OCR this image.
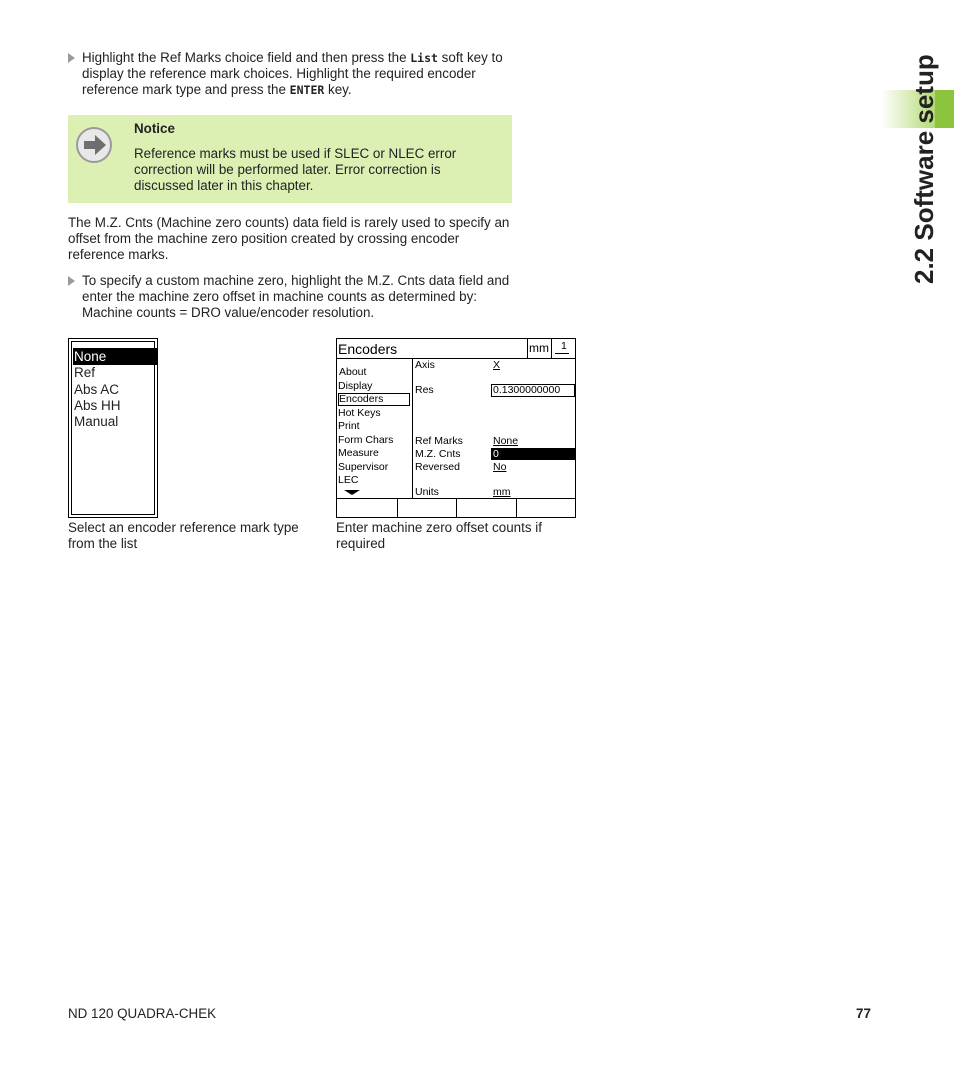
2.2 Software setup
Highlight the Ref Marks choice field and then press the List soft key to display the reference mark choices. Highlight the required encoder reference mark type and press the ENTER key.
Notice
Reference marks must be used if SLEC or NLEC error correction will be performed later. Error correction is discussed later in this chapter.
The M.Z. Cnts (Machine zero counts) data field is rarely used to specify an offset from the machine zero position created by crossing encoder reference marks.
To specify a custom machine zero, highlight the M.Z. Cnts data field and enter the machine zero offset in machine counts as determined by: Machine counts = DRO value/encoder resolution.
None
Ref
Abs AC
Abs HH
Manual
Select an encoder reference mark type from the list
Encoders	mm 1
About
Display
Encoders
Hot Keys
Print
Form Chars
Measure
Supervisor
LEC
Axis	X
Res	0.1300000000
Ref Marks	None
M.Z. Cnts	0
Reversed	No
Units	mm
Enter machine zero offset counts if required
ND 120 QUADRA-CHEK	77
